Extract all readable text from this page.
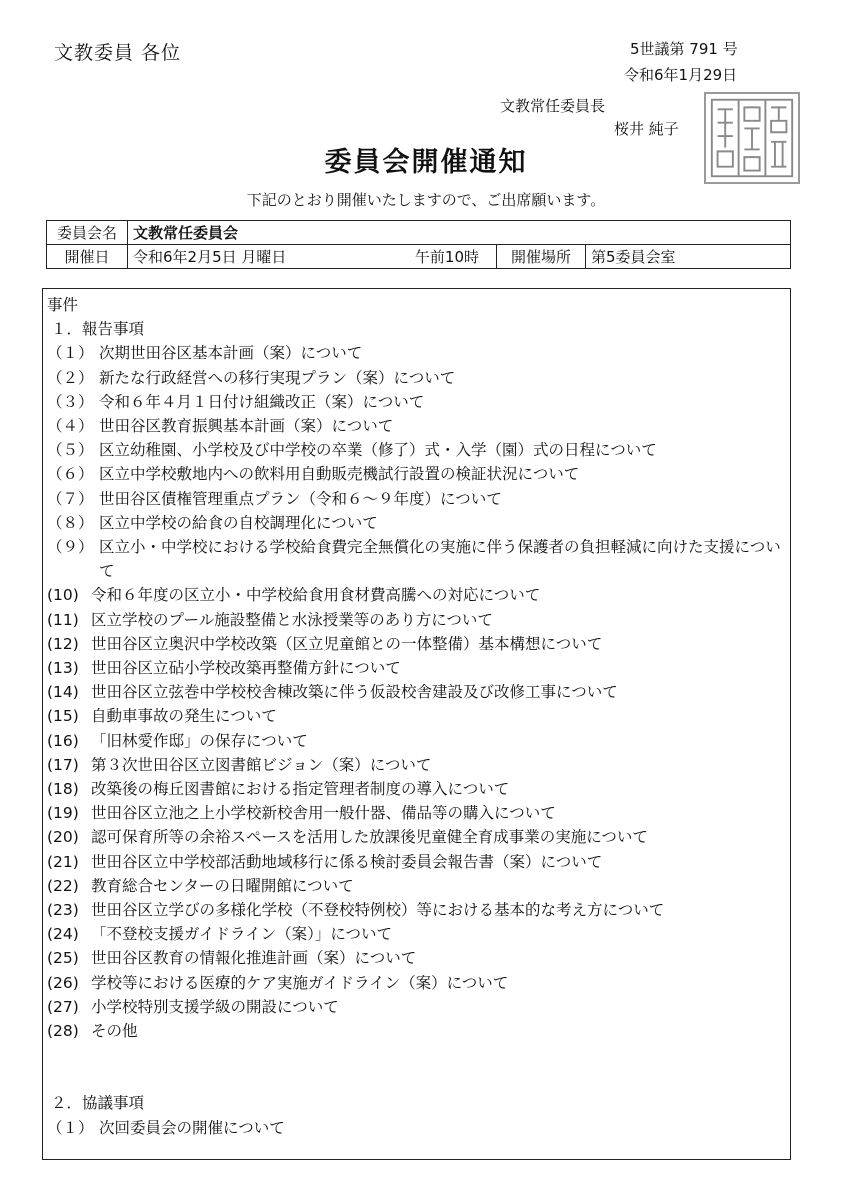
文教委員 各位	5世議第 791 号
令和6年1月29日
文教常任委員長
桜井 純子
委員会開催通知
下記のとおり開催いたしますので、ご出席願います。
委員会名	文教常任委員会		
開催日	令和6年2月5日 月曜日 午前10時	開催場所	第5委員会室
事件
１．報告事項
（１） 次期世田谷区基本計画（案）について
（２） 新たな行政経営への移行実現プラン（案）について
（３） 令和６年４月１日付け組織改正（案）について
（４） 世田谷区教育振興基本計画（案）について
（５） 区立幼稚園、小学校及び中学校の卒業（修了）式・入学（園）式の日程について
（６） 区立中学校敷地内への飲料用自動販売機試行設置の検証状況について
（７） 世田谷区債権管理重点プラン（令和６～９年度）について
（８） 区立中学校の給食の自校調理化について
（９） 区立小・中学校における学校給食費完全無償化の実施に伴う保護者の負担軽減に向けた支援について
(10) 令和６年度の区立小・中学校給食用食材費高騰への対応について
(11) 区立学校のプール施設整備と水泳授業等のあり方について
(12) 世田谷区立奥沢中学校改築（区立児童館との一体整備）基本構想について
(13) 世田谷区立砧小学校改築再整備方針について
(14) 世田谷区立弦巻中学校校舎棟改築に伴う仮設校舎建設及び改修工事について
(15) 自動車事故の発生について
(16) 「旧林愛作邸」の保存について
(17) 第３次世田谷区立図書館ビジョン（案）について
(18) 改築後の梅丘図書館における指定管理者制度の導入について
(19) 世田谷区立池之上小学校新校舎用一般什器、備品等の購入について
(20) 認可保育所等の余裕スペースを活用した放課後児童健全育成事業の実施について
(21) 世田谷区立中学校部活動地域移行に係る検討委員会報告書（案）について
(22) 教育総合センターの日曜開館について
(23) 世田谷区立学びの多様化学校（不登校特例校）等における基本的な考え方について
(24) 「不登校支援ガイドライン（案）」について
(25) 世田谷区教育の情報化推進計画（案）について
(26) 学校等における医療的ケア実施ガイドライン（案）について
(27) 小学校特別支援学級の開設について
(28) その他
２．協議事項
（１） 次回委員会の開催について
